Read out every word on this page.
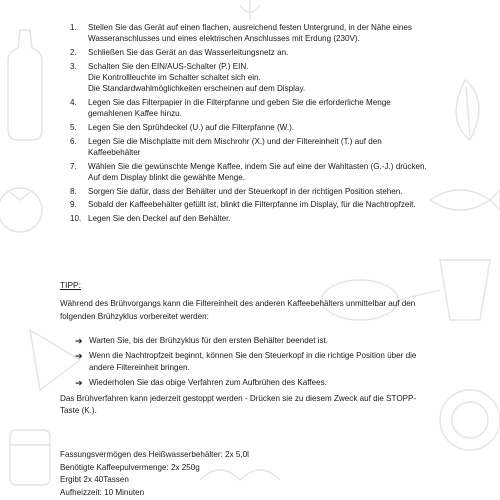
1. Stellen Sie das Gerät auf einen flachen, ausreichend festen Untergrund, in der Nähe eines
Wasseranschlusses und eines elektrischen Anschlusses mit Erdung (230V).
2. Schließen Sie das Gerät an das Wasserleitungsnetz an.
3. Schalten Sie den EIN/AUS-Schalter (P.) EIN.
Die Kontrollleuchte im Schalter schaltet sich ein.
Die Standardwahlmöglichkeiten erscheinen auf dem Display.
4. Legen Sie das Filterpapier in die Filterpfanne und geben Sie die erforderliche Menge
gemahlenen Kaffee hinzu.
5. Legen Sie den Sprühdeckel (U.) auf die Filterpfanne (W.).
6. Legen Sie die Mischplatte mit dem Mischrohr (X.) und der Filtereinheit (T.) auf den
Kaffeebehälter
7. Wählen Sie die gewünschte Menge Kaffee, indem Sie auf eine der Wahltasten (G.-J.) drücken.
Auf dem Display blinkt die gewählte Menge.
8. Sorgen Sie dafür, dass der Behälter und der Steuerkopf in der richtigen Position stehen.
9. Sobald der Kaffeebehälter gefüllt ist, blinkt die Filterpfanne im Display, für die Nachtropfzeit.
10. Legen Sie den Deckel auf den Behälter.
TIPP:
Während des Brühvorgangs kann die Filtereinheit des anderen Kaffeebehälters unmittelbar auf den
folgenden Brühzyklus vorbereitet werden:
➔ Warten Sie, bis der Brühzyklus für den ersten Behälter beendet ist.
➔ Wenn die Nachtropfzeit beginnt, können Sie den Steuerkopf in die richtige Position über die
andere Filtereinheit bringen.
➔ Wiederholen Sie das obige Verfahren zum Aufbrühen des Kaffees.
Das Brühverfahren kann jederzeit gestoppt werden - Drücken sie zu diesem Zweck auf die STOPP-
Taste (K.).
Fassungsvermögen des Heißwasserbehälter: 2x 5,0l
Benötigte Kaffeepulvermenge: 2x 250g
Ergibt 2x 40Tassen
Aufheizzeit: 10 Minuten
